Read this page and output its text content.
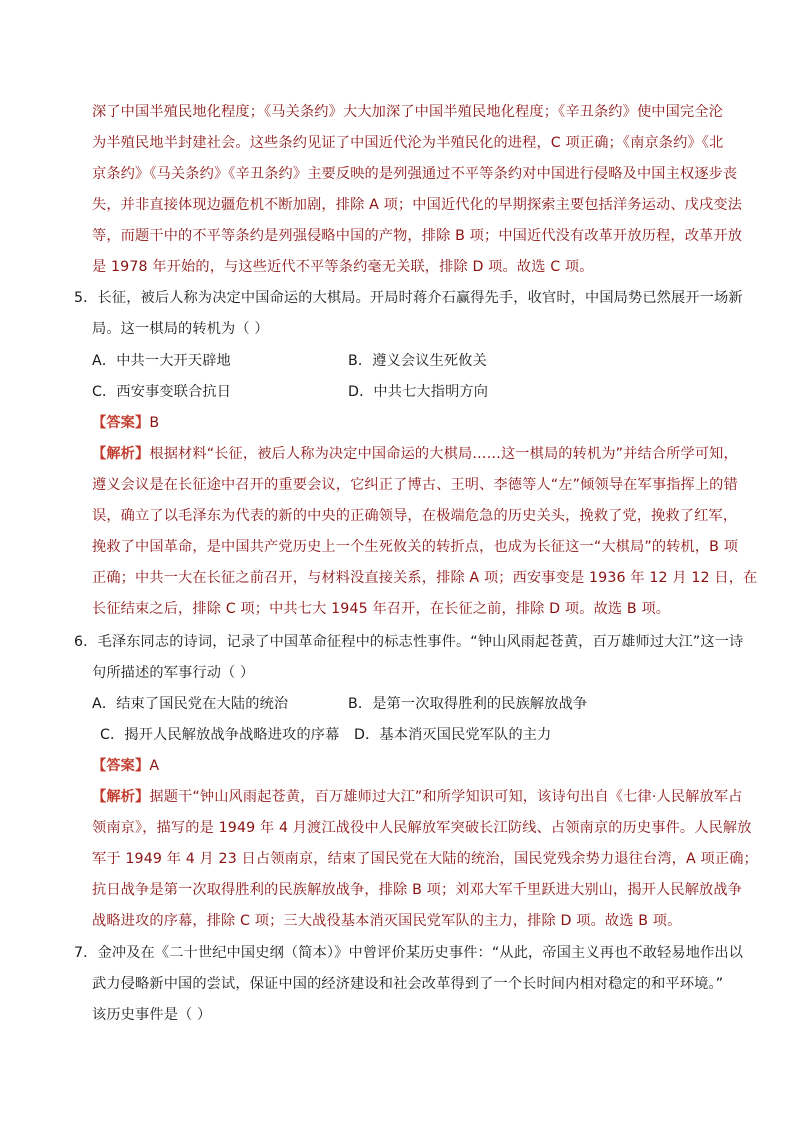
深了中国半殖民地化程度；《马关条约》大大加深了中国半殖民地化程度；《辛丑条约》使中国完全沦
为半殖民地半封建社会。这些条约见证了中国近代沦为半殖民化的进程，C 项正确；《南京条约》《北
京条约》《马关条约》《辛丑条约》主要反映的是列强通过不平等条约对中国进行侵略及中国主权逐步丧
失，并非直接体现边疆危机不断加剧，排除 A 项；中国近代化的早期探索主要包括洋务运动、戊戌变法
等，而题干中的不平等条约是列强侵略中国的产物，排除 B 项；中国近代没有改革开放历程，改革开放
是 1978 年开始的，与这些近代不平等条约毫无关联，排除 D 项。故选 C 项。
5．长征，被后人称为决定中国命运的大棋局。开局时蒋介石赢得先手，收官时，中国局势已然展开一场新
局。这一棋局的转机为（ ）
A．中共一大开天辟地	B．遵义会议生死攸关
C．西安事变联合抗日	D．中共七大指明方向
【答案】B
【解析】根据材料“长征，被后人称为决定中国命运的大棋局……这一棋局的转机为”并结合所学可知，
遵义会议是在长征途中召开的重要会议，它纠正了博古、王明、李德等人“左”倾领导在军事指挥上的错
误，确立了以毛泽东为代表的新的中央的正确领导，在极端危急的历史关头，挽救了党，挽救了红军，
挽救了中国革命，是中国共产党历史上一个生死攸关的转折点，也成为长征这一“大棋局”的转机，B 项
正确；中共一大在长征之前召开，与材料没直接关系，排除 A 项；西安事变是 1936 年 12 月 12 日，在
长征结束之后，排除 C 项；中共七大 1945 年召开，在长征之前，排除 D 项。故选 B 项。
6．毛泽东同志的诗词，记录了中国革命征程中的标志性事件。“钟山风雨起苍黄，百万雄师过大江”这一诗
句所描述的军事行动（ ）
A．结束了国民党在大陆的统治	B．是第一次取得胜利的民族解放战争
C．揭开人民解放战争战略进攻的序幕 D．基本消灭国民党军队的主力
【答案】A
【解析】据题干“钟山风雨起苍黄，百万雄师过大江”和所学知识可知，该诗句出自《七律·人民解放军占
领南京》，描写的是 1949 年 4 月渡江战役中人民解放军突破长江防线、占领南京的历史事件。人民解放
军于 1949 年 4 月 23 日占领南京，结束了国民党在大陆的统治，国民党残余势力退往台湾，A 项正确；
抗日战争是第一次取得胜利的民族解放战争，排除 B 项；刘邓大军千里跃进大别山，揭开人民解放战争
战略进攻的序幕，排除 C 项；三大战役基本消灭国民党军队的主力，排除 D 项。故选 B 项。
7．金冲及在《二十世纪中国史纲（简本）》中曾评价某历史事件：“从此，帝国主义再也不敢轻易地作出以
武力侵略新中国的尝试，保证中国的经济建设和社会改革得到了一个长时间内相对稳定的和平环境。”
该历史事件是（ ）
